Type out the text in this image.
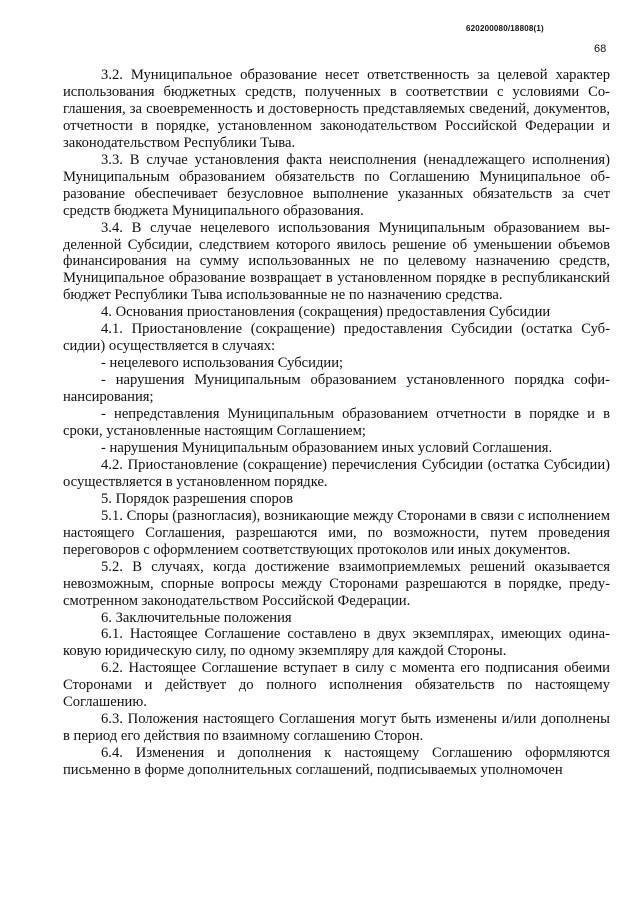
620200080/18808(1)
68

3.2. Муниципальное образование несет ответственность за целевой характер использования бюджетных средств, полученных в соответствии с условиями Соглашения, за своевременность и достоверность представляемых сведений, документов, отчетности в порядке, установленном законодательством Российской Федерации и законодательством Республики Тыва.

3.3. В случае установления факта неисполнения (ненадлежащего исполнения) Муниципальным образованием обязательств по Соглашению Муниципальное образование обеспечивает безусловное выполнение указанных обязательств за счет средств бюджета Муниципального образования.

3.4. В случае нецелевого использования Муниципальным образованием выделенной Субсидии, следствием которого явилось решение об уменьшении объемов финансирования на сумму использованных не по целевому назначению средств, Муниципальное образование возвращает в установленном порядке в республиканский бюджет Республики Тыва использованные не по назначению средства.

4. Основания приостановления (сокращения) предоставления Субсидии

4.1. Приостановление (сокращение) предоставления Субсидии (остатка Субсидии) осуществляется в случаях:

- нецелевого использования Субсидии;

- нарушения Муниципальным образованием установленного порядка софинансирования;

- непредставления Муниципальным образованием отчетности в порядке и в сроки, установленные настоящим Соглашением;

- нарушения Муниципальным образованием иных условий Соглашения.

4.2. Приостановление (сокращение) перечисления Субсидии (остатка Субсидии) осуществляется в установленном порядке.

5. Порядок разрешения споров

5.1. Споры (разногласия), возникающие между Сторонами в связи с исполнением настоящего Соглашения, разрешаются ими, по возможности, путем проведения переговоров с оформлением соответствующих протоколов или иных документов.

5.2. В случаях, когда достижение взаимоприемлемых решений оказывается невозможным, спорные вопросы между Сторонами разрешаются в порядке, предусмотренном законодательством Российской Федерации.

6. Заключительные положения

6.1. Настоящее Соглашение составлено в двух экземплярах, имеющих одинаковую юридическую силу, по одному экземпляру для каждой Стороны.

6.2. Настоящее Соглашение вступает в силу с момента его подписания обеими Сторонами и действует до полного исполнения обязательств по настоящему Соглашению.

6.3. Положения настоящего Соглашения могут быть изменены и/или дополнены в период его действия по взаимному соглашению Сторон.

6.4. Изменения и дополнения к настоящему Соглашению оформляются письменно в форме дополнительных соглашений, подписываемых уполномочен
